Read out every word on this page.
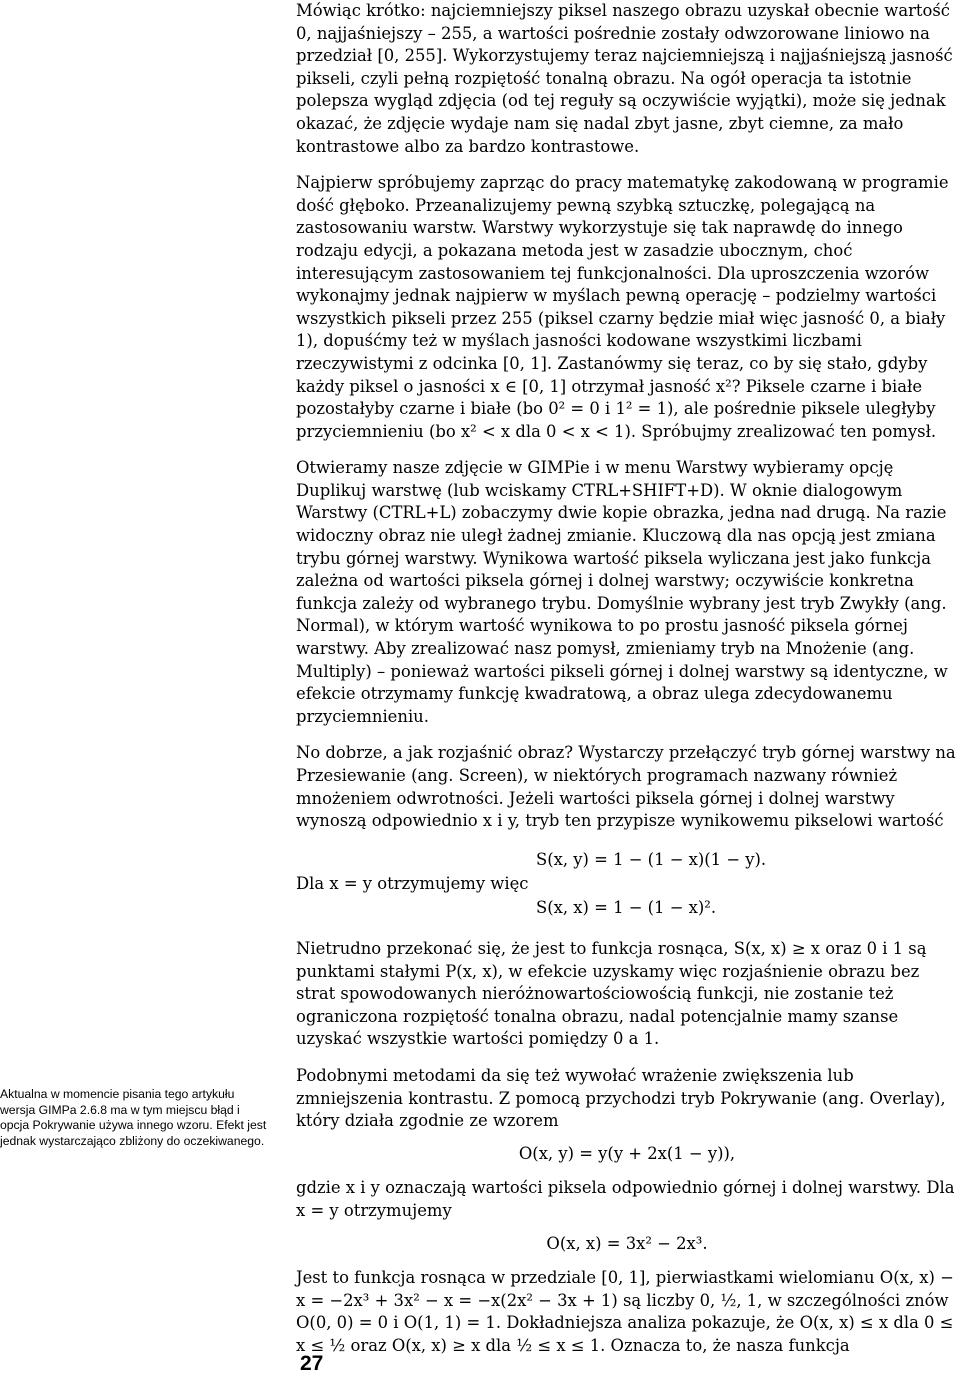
Mówiąc krótko: najciemniejszy piksel naszego obrazu uzyskał obecnie wartość 0, najjaśniejszy – 255, a wartości pośrednie zostały odwzorowane liniowo na przedział [0, 255]. Wykorzystujemy teraz najciemniejszą i najjaśniejszą jasność pikseli, czyli pełną rozpiętość tonalną obrazu. Na ogół operacja ta istotnie polepsza wygląd zdjęcia (od tej reguły są oczywiście wyjątki), może się jednak okazać, że zdjęcie wydaje nam się nadal zbyt jasne, zbyt ciemne, za mało kontrastowe albo za bardzo kontrastowe.

Najpierw spróbujemy zaprząc do pracy matematykę zakodowaną w programie dość głęboko. Przeanalizujemy pewną szybką sztuczkę, polegającą na zastosowaniu warstw. Warstwy wykorzystuje się tak naprawdę do innego rodzaju edycji, a pokazana metoda jest w zasadzie ubocznym, choć interesującym zastosowaniem tej funkcjonalności. Dla uproszczenia wzorów wykonajmy jednak najpierw w myślach pewną operację – podzielmy wartości wszystkich pikseli przez 255 (piksel czarny będzie miał więc jasność 0, a biały 1), dopuśćmy też w myślach jasności kodowane wszystkimi liczbami rzeczywistymi z odcinka [0, 1]. Zastanówmy się teraz, co by się stało, gdyby każdy piksel o jasności x ∈ [0, 1] otrzymał jasność x²? Piksele czarne i białe pozostałyby czarne i białe (bo 0² = 0 i 1² = 1), ale pośrednie piksele uległyby przyciemnieniu (bo x² < x dla 0 < x < 1). Spróbujmy zrealizować ten pomysł.

Otwieramy nasze zdjęcie w GIMPie i w menu Warstwy wybieramy opcję Duplikuj warstwę (lub wciskamy CTRL+SHIFT+D). W oknie dialogowym Warstwy (CTRL+L) zobaczymy dwie kopie obrazka, jedna nad drugą. Na razie widoczny obraz nie uległ żadnej zmianie. Kluczową dla nas opcją jest zmiana trybu górnej warstwy. Wynikowa wartość piksela wyliczana jest jako funkcja zależna od wartości piksela górnej i dolnej warstwy; oczywiście konkretna funkcja zależy od wybranego trybu. Domyślnie wybrany jest tryb Zwykły (ang. Normal), w którym wartość wynikowa to po prostu jasność piksela górnej warstwy. Aby zrealizować nasz pomysł, zmieniamy tryb na Mnożenie (ang. Multiply) – ponieważ wartości pikseli górnej i dolnej warstwy są identyczne, w efekcie otrzymamy funkcję kwadratową, a obraz ulega zdecydowanemu przyciemnieniu.

No dobrze, a jak rozjaśnić obraz? Wystarczy przełączyć tryb górnej warstwy na Przesiewanie (ang. Screen), w niektórych programach nazwany również mnożeniem odwrotności. Jeżeli wartości piksela górnej i dolnej warstwy wynoszą odpowiednio x i y, tryb ten przypisze wynikowemu pikselowi wartość

Dla x = y otrzymujemy więc
S(x, y) = 1 − (1 − x)(1 − y).
S(x, x) = 1 − (1 − x)².

Nietrudno przekonać się, że jest to funkcja rosnąca, S(x, x) ≥ x oraz 0 i 1 są punktami stałymi P(x, x), w efekcie uzyskamy więc rozjaśnienie obrazu bez strat spowodowanych nieróżnowartościowością funkcji, nie zostanie też ograniczona rozpiętość tonalna obrazu, nadal potencjalnie mamy szanse uzyskać wszystkie wartości pomiędzy 0 a 1.

Podobnymi metodami da się też wywołać wrażenie zwiększenia lub zmniejszenia kontrastu. Z pomocą przychodzi tryb Pokrywanie (ang. Overlay), który działa zgodnie ze wzorem

O(x, y) = y(y + 2x(1 − y)),

gdzie x i y oznaczają wartości piksela odpowiednio górnej i dolnej warstwy. Dla x = y otrzymujemy

O(x, x) = 3x² − 2x³.

Jest to funkcja rosnąca w przedziale [0, 1], pierwiastkami wielomianu O(x, x) − x = −2x³ + 3x² − x = −x(2x² − 3x + 1) są liczby 0, ½, 1, w szczególności znów O(0, 0) = 0 i O(1, 1) = 1. Dokładniejsza analiza pokazuje, że O(x, x) ≤ x dla 0 ≤ x ≤ ½ oraz O(x, x) ≥ x dla ½ ≤ x ≤ 1. Oznacza to, że nasza funkcja

Aktualna w momencie pisania tego artykułu wersja GIMPa 2.6.8 ma w tym miejscu błąd i opcja Pokrywanie używa innego wzoru. Efekt jest jednak wystarczająco zbliżony do oczekiwanego.
27
